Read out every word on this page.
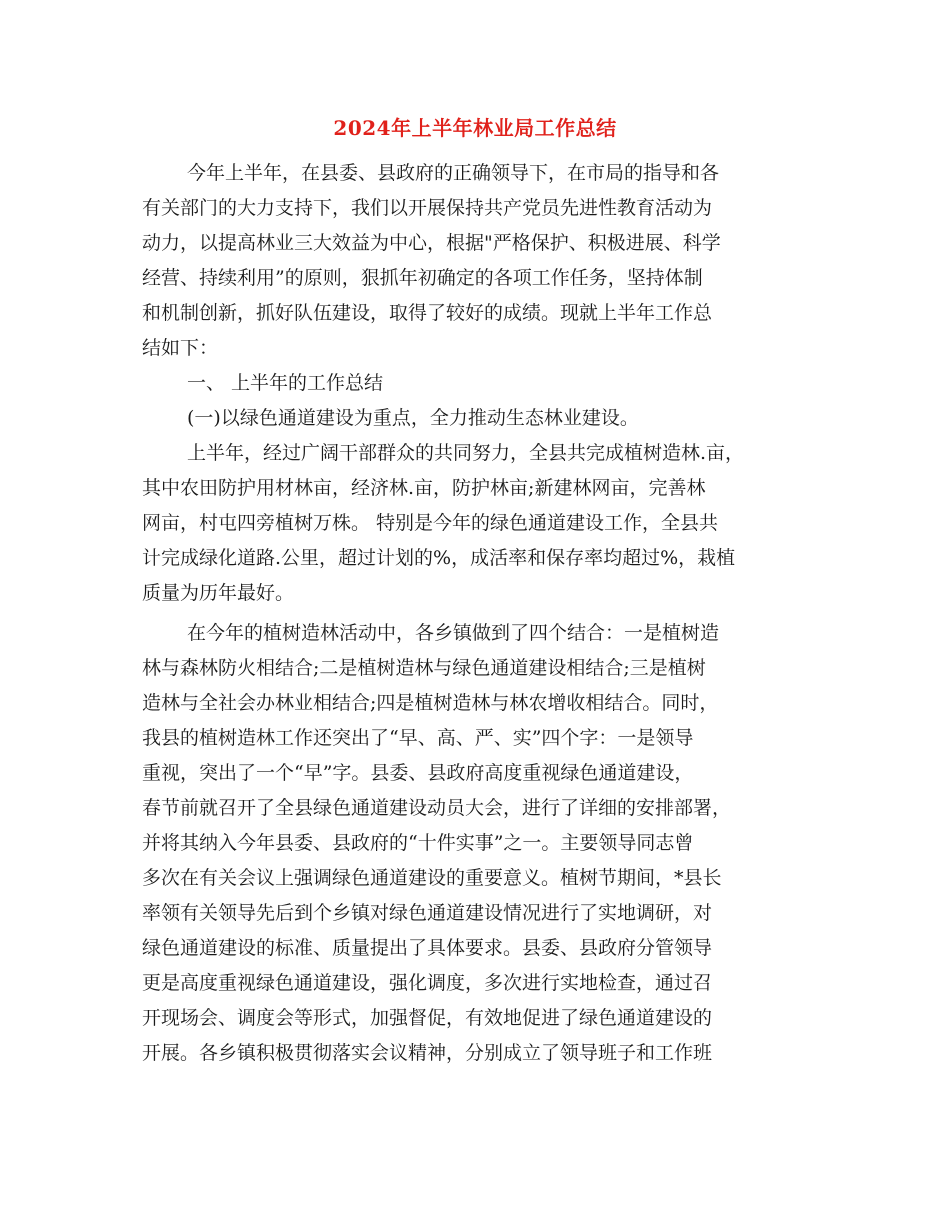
2024年上半年林业局工作总结
今年上半年，在县委、县政府的正确领导下，在市局的指导和各
有关部门的大力支持下，我们以开展保持共产党员先进性教育活动为
动力，以提高林业三大效益为中心，根据"严格保护、积极进展、科学
经营、持续利用”的原则，狠抓年初确定的各项工作任务，坚持体制
和机制创新，抓好队伍建设，取得了较好的成绩。现就上半年工作总
结如下：
一、 上半年的工作总结
(一)以绿色通道建设为重点，全力推动生态林业建设。
上半年，经过广阔干部群众的共同努力，全县共完成植树造林.亩，
其中农田防护用材林亩，经济林.亩，防护林亩;新建林网亩，完善林
网亩，村屯四旁植树万株。 特别是今年的绿色通道建设工作，全县共
计完成绿化道路.公里，超过计划的%，成活率和保存率均超过%，栽植
质量为历年最好。
在今年的植树造林活动中，各乡镇做到了四个结合：一是植树造
林与森林防火相结合;二是植树造林与绿色通道建设相结合;三是植树
造林与全社会办林业相结合;四是植树造林与林农增收相结合。同时，
我县的植树造林工作还突出了“早、高、严、实”四个字：一是领导
重视，突出了一个“早”字。县委、县政府高度重视绿色通道建设，
春节前就召开了全县绿色通道建设动员大会，进行了详细的安排部署，
并将其纳入今年县委、县政府的“十件实事”之一。主要领导同志曾
多次在有关会议上强调绿色通道建设的重要意义。植树节期间，*县长
率领有关领导先后到个乡镇对绿色通道建设情况进行了实地调研，对
绿色通道建设的标准、质量提出了具体要求。县委、县政府分管领导
更是高度重视绿色通道建设，强化调度，多次进行实地检查，通过召
开现场会、调度会等形式，加强督促，有效地促进了绿色通道建设的
开展。各乡镇积极贯彻落实会议精神，分别成立了领导班子和工作班
